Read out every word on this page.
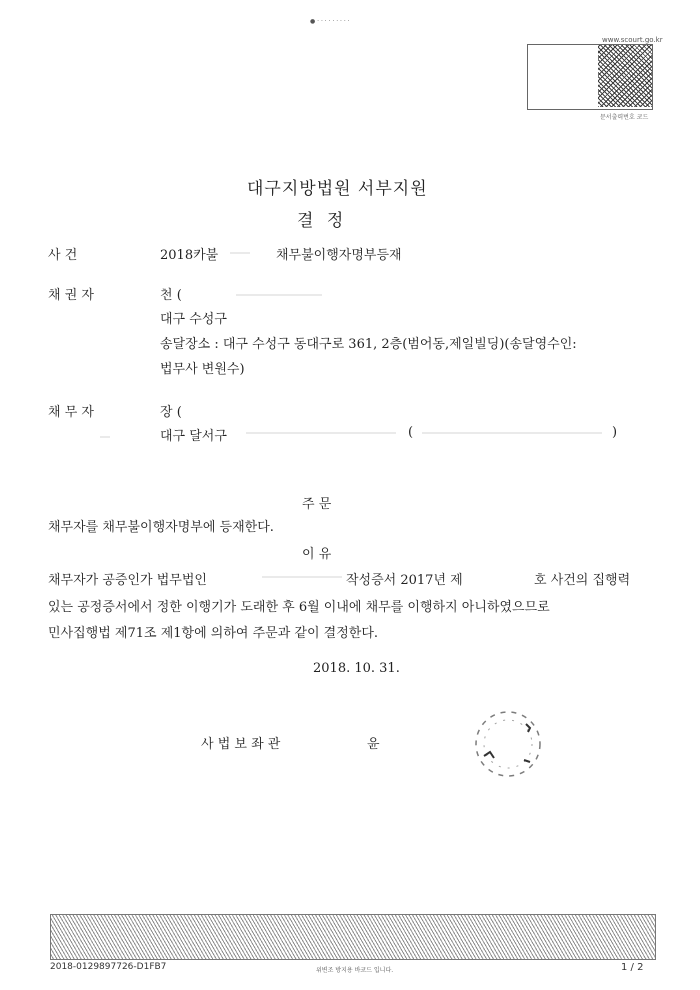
● · · · · · · · · ·
www.scourt.go.kr
문서출력번호 코드
대구지방법원 서부지원
결 정
사 건	2018카불	채무불이행자명부등재
채 권 자	천 (
대구 수성구
송달장소 : 대구 수성구 동대구로 361, 2층(범어동,제일빌딩)(송달영수인:
법무사 변원수)
채 무 자	장 (
대구 달서구	(	)
주 문
채무자를 채무불이행자명부에 등재한다.
이 유
채무자가 공증인가 법무법인	작성증서 2017년 제	호 사건의 집행력
있는 공정증서에서 정한 이행기가 도래한 후 6월 이내에 채무를 이행하지 아니하였으므로
민사집행법 제71조 제1항에 의하여 주문과 같이 결정한다.
2018. 10. 31.
사 법 보 좌 관	윤
2018-0129897726-D1FB7	위변조 방지용 바코드 입니다.	1 / 2
